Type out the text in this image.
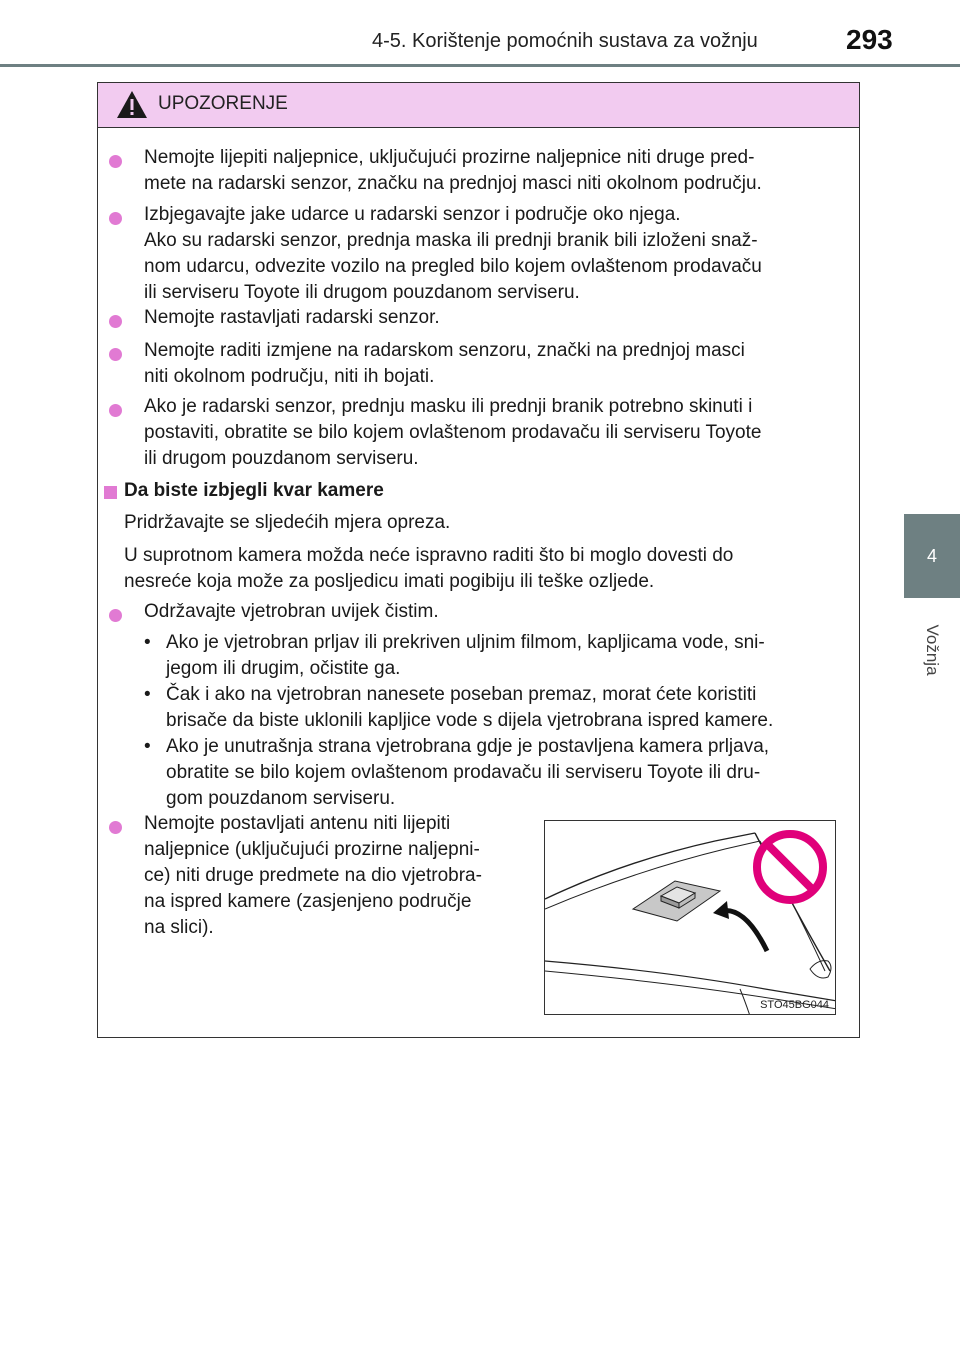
4-5. Korištenje pomoćnih sustava za vožnju	293
4
Vožnja
UPOZORENJE
Nemojte lijepiti naljepnice, uključujući prozirne naljepnice niti druge pred-
mete na radarski senzor, značku na prednjoj masci niti okolnom području.
Izbjegavajte jake udarce u radarski senzor i područje oko njega.
Ako su radarski senzor, prednja maska ili prednji branik bili izloženi snaž-
nom udarcu, odvezite vozilo na pregled bilo kojem ovlaštenom prodavaču
ili serviseru Toyote ili drugom pouzdanom serviseru.
Nemojte rastavljati radarski senzor.
Nemojte raditi izmjene na radarskom senzoru, znački na prednjoj masci
niti okolnom području, niti ih bojati.
Ako je radarski senzor, prednju masku ili prednji branik potrebno skinuti i
postaviti, obratite se bilo kojem ovlaštenom prodavaču ili serviseru Toyote
ili drugom pouzdanom serviseru.
Da biste izbjegli kvar kamere
Pridržavajte se sljedećih mjera opreza.
U suprotnom kamera možda neće ispravno raditi što bi moglo dovesti do
nesreće koja može za posljedicu imati pogibiju ili teške ozljede.
Održavajte vjetrobran uvijek čistim.
• Ako je vjetrobran prljav ili prekriven uljnim filmom, kapljicama vode, sni-
jegom ili drugim, očistite ga.
• Čak i ako na vjetrobran nanesete poseban premaz, morat ćete koristiti
brisače da biste uklonili kapljice vode s dijela vjetrobrana ispred kamere.
• Ako je unutrašnja strana vjetrobrana gdje je postavljena kamera prljava,
obratite se bilo kojem ovlaštenom prodavaču ili serviseru Toyote ili dru-
gom pouzdanom serviseru.
Nemojte postavljati antenu niti lijepiti
naljepnice (uključujući prozirne naljepni-
ce) niti druge predmete na dio vjetrobra-
na ispred kamere (zasjenjeno područje
na slici).
STO45BG044
